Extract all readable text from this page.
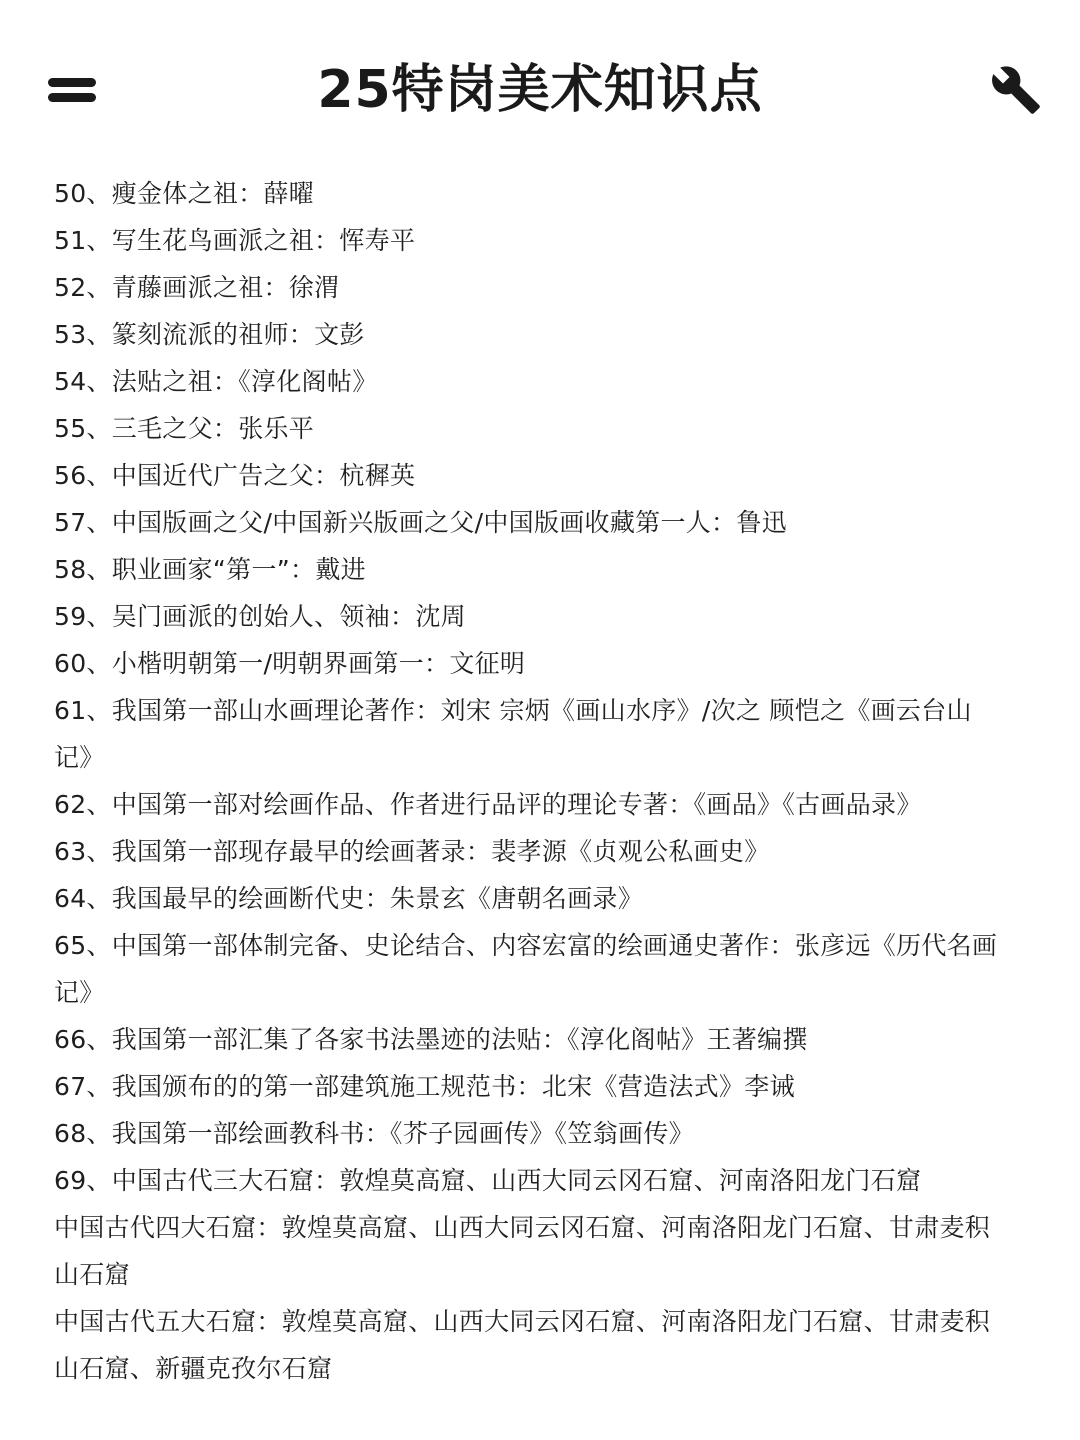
25特岗美术知识点
50、瘦金体之祖：薛曜
51、写生花鸟画派之祖：恽寿平
52、青藤画派之祖：徐渭
53、篆刻流派的祖师：文彭
54、法贴之祖：《淳化阁帖》
55、三毛之父：张乐平
56、中国近代广告之父：杭穉英
57、中国版画之父/中国新兴版画之父/中国版画收藏第一人：鲁迅
58、职业画家“第一”：戴进
59、吴门画派的创始人、领袖：沈周
60、小楷明朝第一/明朝界画第一：文征明
61、我国第一部山水画理论著作：刘宋 宗炳《画山水序》/次之 顾恺之《画云台山
记》
62、中国第一部对绘画作品、作者进行品评的理论专著：《画品》《古画品录》
63、我国第一部现存最早的绘画著录：裴孝源《贞观公私画史》
64、我国最早的绘画断代史：朱景玄《唐朝名画录》
65、中国第一部体制完备、史论结合、内容宏富的绘画通史著作：张彦远《历代名画
记》
66、我国第一部汇集了各家书法墨迹的法贴：《淳化阁帖》王著编撰
67、我国颁布的的第一部建筑施工规范书：北宋《营造法式》李诫
68、我国第一部绘画教科书：《芥子园画传》《笠翁画传》
69、中国古代三大石窟：敦煌莫高窟、山西大同云冈石窟、河南洛阳龙门石窟
中国古代四大石窟：敦煌莫高窟、山西大同云冈石窟、河南洛阳龙门石窟、甘肃麦积
山石窟
中国古代五大石窟：敦煌莫高窟、山西大同云冈石窟、河南洛阳龙门石窟、甘肃麦积
山石窟、新疆克孜尔石窟
